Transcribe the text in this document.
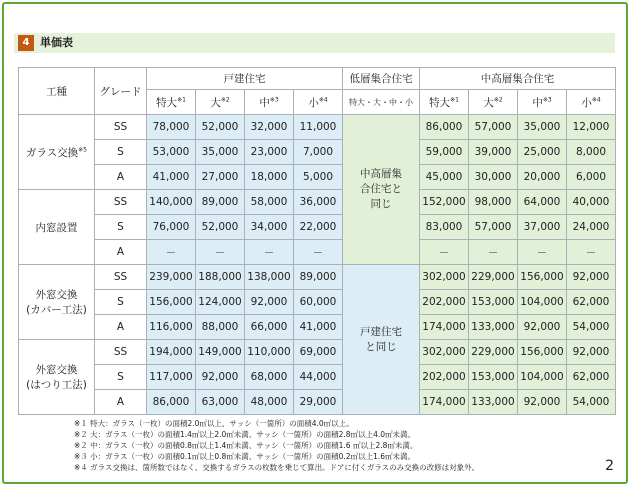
4 単価表
工種	グレード	戸建住宅				低層集合住宅	中高層集合住宅			
		特大$^{※1}$	大$^{※2}$	中$^{※3}$	小$^{※4}$	特大・大・中・小	特大$^{※1}$	大$^{※2}$	中$^{※3}$	小$^{※4}$
ガラス交換$^{※5}$	SS	78,000	52,000	32,000	11,000	中高層集合住宅と同じ	86,000	57,000	35,000	12,000
	S	53,000	35,000	23,000	7,000		59,000	39,000	25,000	8,000
	A	41,000	27,000	18,000	5,000		45,000	30,000	20,000	6,000
内窓設置	SS	140,000	89,000	58,000	36,000		152,000	98,000	64,000	40,000
	S	76,000	52,000	34,000	22,000		83,000	57,000	37,000	24,000
	A	－	－	－	－		－	－	－	－
外窓交換
(カバー工法)	SS	239,000	188,000	138,000	89,000	戸建住宅と同じ	302,000	229,000	156,000	92,000
	S	156,000	124,000	92,000	60,000		202,000	153,000	104,000	62,000
	A	116,000	88,000	66,000	41,000		174,000	133,000	92,000	54,000
外窓交換
(はつり工法)	SS	194,000	149,000	110,000	69,000		302,000	229,000	156,000	92,000
	S	117,000	92,000	68,000	44,000		202,000	153,000	104,000	62,000
	A	86,000	63,000	48,000	29,000		174,000	133,000	92,000	54,000
※１ 特大：ガラス（一枚）の面積2.0㎡以上、サッシ（一箇所）の面積4.0㎡以上。
※２ 大：ガラス（一枚）の面積1.4㎡以上2.0㎡未満、サッシ（一箇所）の面積2.8㎡以上4.0㎡未満。
※２ 中：ガラス（一枚）の面積0.8㎡以上1.4㎡未満、サッシ（一箇所）の面積1.6 ㎡以上2.8㎡未満。
※３ 小：ガラス（一枚）の面積0.1㎡以上0.8㎡未満、サッシ（一箇所）の面積0.2㎡以上1.6㎡未満。
※４ ガラス交換は、箇所数ではなく、交換するガラスの枚数を乗じて算出。ドアに付くガラスのみ交換の改修は対象外。	2
